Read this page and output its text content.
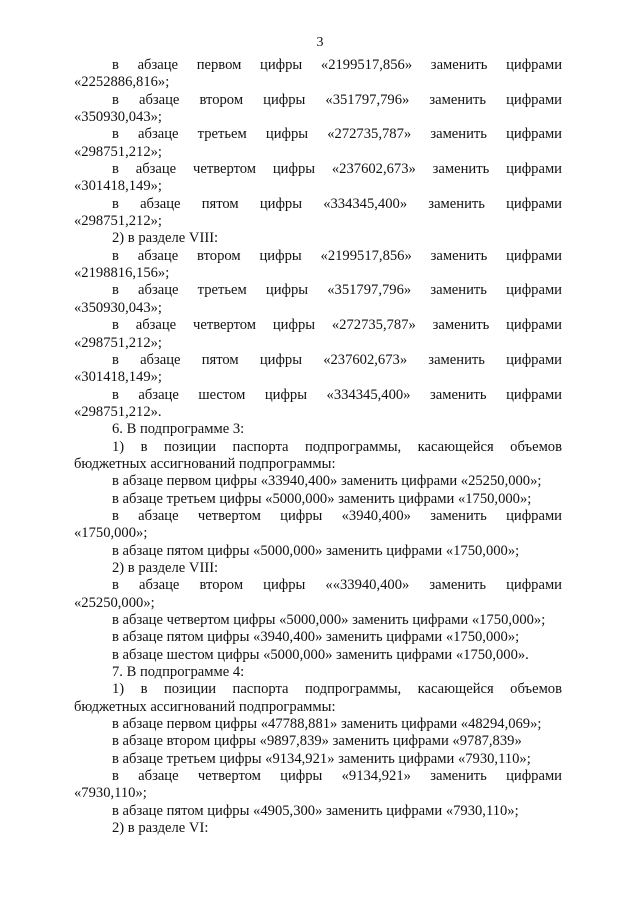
3
в абзаце первом цифры «2199517,856» заменить цифрами
«2252886,816»;
в абзаце втором цифры «351797,796» заменить цифрами
«350930,043»;
в абзаце третьем цифры «272735,787» заменить цифрами
«298751,212»;
в абзаце четвертом цифры «237602,673» заменить цифрами
«301418,149»;
в абзаце пятом цифры «334345,400» заменить цифрами
«298751,212»;
2) в разделе VIII:
в абзаце втором цифры «2199517,856» заменить цифрами
«2198816,156»;
в абзаце третьем цифры «351797,796» заменить цифрами
«350930,043»;
в абзаце четвертом цифры «272735,787» заменить цифрами
«298751,212»;
в абзаце пятом цифры «237602,673» заменить цифрами
«301418,149»;
в абзаце шестом цифры «334345,400» заменить цифрами
«298751,212».
6. В подпрограмме 3:
1) в позиции паспорта подпрограммы, касающейся объемов
бюджетных ассигнований подпрограммы:
в абзаце первом цифры «33940,400» заменить цифрами «25250,000»;
в абзаце третьем цифры «5000,000» заменить цифрами «1750,000»;
в абзаце четвертом цифры «3940,400» заменить цифрами
«1750,000»;
в абзаце пятом цифры «5000,000» заменить цифрами «1750,000»;
2) в разделе VIII:
в абзаце втором цифры ««33940,400» заменить цифрами
«25250,000»;
в абзаце четвертом цифры «5000,000» заменить цифрами «1750,000»;
в абзаце пятом цифры «3940,400» заменить цифрами «1750,000»;
в абзаце шестом цифры «5000,000» заменить цифрами «1750,000».
7. В подпрограмме 4:
1) в позиции паспорта подпрограммы, касающейся объемов
бюджетных ассигнований подпрограммы:
в абзаце первом цифры «47788,881» заменить цифрами «48294,069»;
в абзаце втором цифры «9897,839» заменить цифрами «9787,839»
в абзаце третьем цифры «9134,921» заменить цифрами «7930,110»;
в абзаце четвертом цифры «9134,921» заменить цифрами
«7930,110»;
в абзаце пятом цифры «4905,300» заменить цифрами «7930,110»;
2) в разделе VI:
